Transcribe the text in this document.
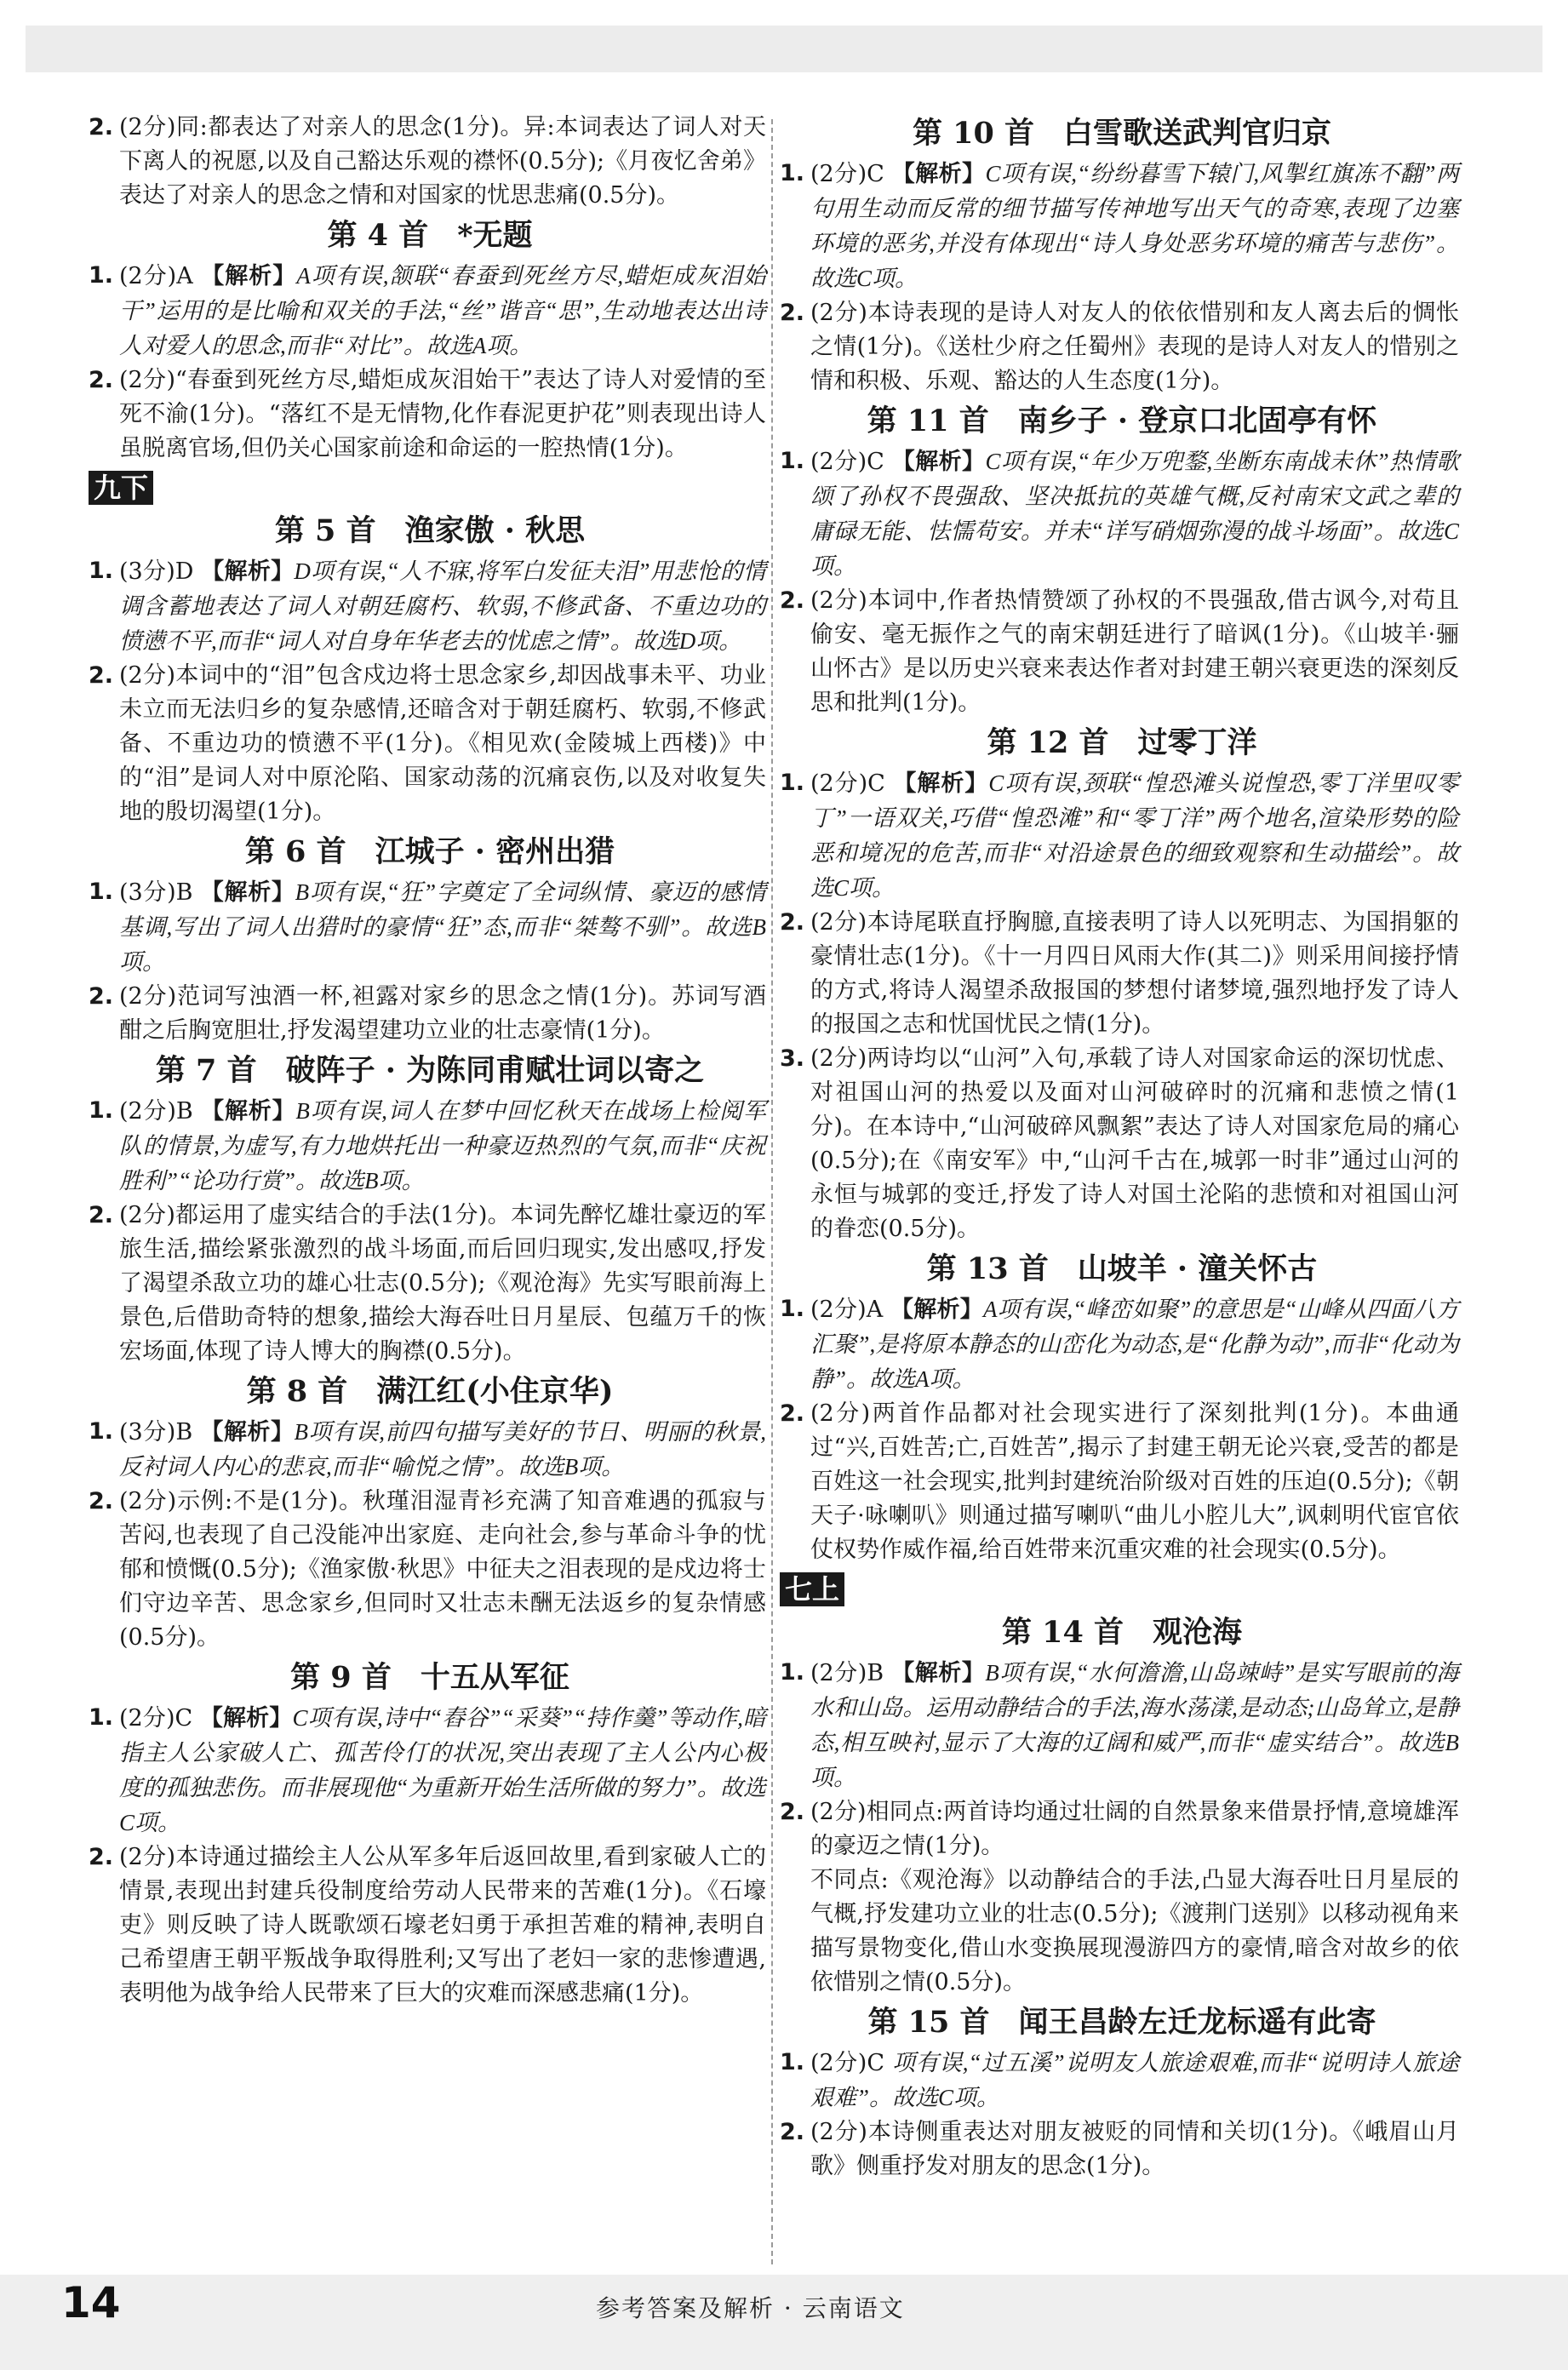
2. (2分)同:都表达了对亲人的思念(1分)。异:本词表达了词人对天下离人的祝愿,以及自己豁达乐观的襟怀(0.5分);《月夜忆舍弟》表达了对亲人的思念之情和对国家的忧思悲痛(0.5分)。

第 4 首 *无题

1. (2分)A 【解析】A项有误,颔联“春蚕到死丝方尽,蜡炬成灰泪始干”运用的是比喻和双关的手法,“丝”谐音“思”,生动地表达出诗人对爱人的思念,而非“对比”。故选A项。

2. (2分)“春蚕到死丝方尽,蜡炬成灰泪始干”表达了诗人对爱情的至死不渝(1分)。“落红不是无情物,化作春泥更护花”则表现出诗人虽脱离官场,但仍关心国家前途和命运的一腔热情(1分)。

九下
第 5 首 渔家傲 · 秋思

1. (3分)D 【解析】D项有误,“人不寐,将军白发征夫泪”用悲怆的情调含蓄地表达了词人对朝廷腐朽、软弱,不修武备、不重边功的愤懑不平,而非“词人对自身年华老去的忧虑之情”。故选D项。

2. (2分)本词中的“泪”包含戍边将士思念家乡,却因战事未平、功业未立而无法归乡的复杂感情,还暗含对于朝廷腐朽、软弱,不修武备、不重边功的愤懑不平(1分)。《相见欢(金陵城上西楼)》中的“泪”是词人对中原沦陷、国家动荡的沉痛哀伤,以及对收复失地的殷切渴望(1分)。

第 6 首 江城子 · 密州出猎

1. (3分)B 【解析】B项有误,“狂”字奠定了全词纵情、豪迈的感情基调,写出了词人出猎时的豪情“狂”态,而非“桀骜不驯”。故选B项。

2. (2分)范词写浊酒一杯,袒露对家乡的思念之情(1分)。苏词写酒酣之后胸宽胆壮,抒发渴望建功立业的壮志豪情(1分)。

第 7 首 破阵子 · 为陈同甫赋壮词以寄之

1. (2分)B 【解析】B项有误,词人在梦中回忆秋天在战场上检阅军队的情景,为虚写,有力地烘托出一种豪迈热烈的气氛,而非“庆祝胜利”“论功行赏”。故选B项。

2. (2分)都运用了虚实结合的手法(1分)。本词先醉忆雄壮豪迈的军旅生活,描绘紧张激烈的战斗场面,而后回归现实,发出感叹,抒发了渴望杀敌立功的雄心壮志(0.5分);《观沧海》先实写眼前海上景色,后借助奇特的想象,描绘大海吞吐日月星辰、包蕴万千的恢宏场面,体现了诗人博大的胸襟(0.5分)。

第 8 首 满江红(小住京华)

1. (3分)B 【解析】B项有误,前四句描写美好的节日、明丽的秋景,反衬词人内心的悲哀,而非“喻悦之情”。故选B项。

2. (2分)示例:不是(1分)。秋瑾泪湿青衫充满了知音难遇的孤寂与苦闷,也表现了自己没能冲出家庭、走向社会,参与革命斗争的忧郁和愤慨(0.5分);《渔家傲·秋思》中征夫之泪表现的是戍边将士们守边辛苦、思念家乡,但同时又壮志未酬无法返乡的复杂情感(0.5分)。

第 9 首 十五从军征

1. (2分)C 【解析】C项有误,诗中“舂谷”“采葵”“持作羹”等动作,暗指主人公家破人亡、孤苦伶仃的状况,突出表现了主人公内心极度的孤独悲伤。而非展现他“为重新开始生活所做的努力”。故选C项。

2. (2分)本诗通过描绘主人公从军多年后返回故里,看到家破人亡的情景,表现出封建兵役制度给劳动人民带来的苦难(1分)。《石壕吏》则反映了诗人既歌颂石壕老妇勇于承担苦难的精神,表明自己希望唐王朝平叛战争取得胜利;又写出了老妇一家的悲惨遭遇,表明他为战争给人民带来了巨大的灾难而深感悲痛(1分)。

第 10 首 白雪歌送武判官归京

1. (2分)C 【解析】C项有误,“纷纷暮雪下辕门,风掣红旗冻不翻”两句用生动而反常的细节描写传神地写出天气的奇寒,表现了边塞环境的恶劣,并没有体现出“诗人身处恶劣环境的痛苦与悲伤”。故选C项。

2. (2分)本诗表现的是诗人对友人的依依惜别和友人离去后的惆怅之情(1分)。《送杜少府之任蜀州》表现的是诗人对友人的惜别之情和积极、乐观、豁达的人生态度(1分)。

第 11 首 南乡子 · 登京口北固亭有怀

1. (2分)C 【解析】C项有误,“年少万兜鍪,坐断东南战未休”热情歌颂了孙权不畏强敌、坚决抵抗的英雄气概,反衬南宋文武之辈的庸碌无能、怯懦苟安。并未“详写硝烟弥漫的战斗场面”。故选C项。

2. (2分)本词中,作者热情赞颂了孙权的不畏强敌,借古讽今,对苟且偷安、毫无振作之气的南宋朝廷进行了暗讽(1分)。《山坡羊·骊山怀古》是以历史兴衰来表达作者对封建王朝兴衰更迭的深刻反思和批判(1分)。

第 12 首 过零丁洋

1. (2分)C 【解析】C项有误,颈联“惶恐滩头说惶恐,零丁洋里叹零丁”一语双关,巧借“惶恐滩”和“零丁洋”两个地名,渲染形势的险恶和境况的危苦,而非“对沿途景色的细致观察和生动描绘”。故选C项。

2. (2分)本诗尾联直抒胸臆,直接表明了诗人以死明志、为国捐躯的豪情壮志(1分)。《十一月四日风雨大作(其二)》则采用间接抒情的方式,将诗人渴望杀敌报国的梦想付诸梦境,强烈地抒发了诗人的报国之志和忧国忧民之情(1分)。

3. (2分)两诗均以“山河”入句,承载了诗人对国家命运的深切忧虑、对祖国山河的热爱以及面对山河破碎时的沉痛和悲愤之情(1分)。在本诗中,“山河破碎风飘絮”表达了诗人对国家危局的痛心(0.5分);在《南安军》中,“山河千古在,城郭一时非”通过山河的永恒与城郭的变迁,抒发了诗人对国土沦陷的悲愤和对祖国山河的眷恋(0.5分)。

第 13 首 山坡羊 · 潼关怀古

1. (2分)A 【解析】A项有误,“峰峦如聚”的意思是“山峰从四面八方汇聚”,是将原本静态的山峦化为动态,是“化静为动”,而非“化动为静”。故选A项。

2. (2分)两首作品都对社会现实进行了深刻批判(1分)。本曲通过“兴,百姓苦;亡,百姓苦”,揭示了封建王朝无论兴衰,受苦的都是百姓这一社会现实,批判封建统治阶级对百姓的压迫(0.5分);《朝天子·咏喇叭》则通过描写喇叭“曲儿小腔儿大”,讽刺明代宦官依仗权势作威作福,给百姓带来沉重灾难的社会现实(0.5分)。

七上
第 14 首 观沧海

1. (2分)B 【解析】B项有误,“水何澹澹,山岛竦峙”是实写眼前的海水和山岛。运用动静结合的手法,海水荡漾,是动态;山岛耸立,是静态,相互映衬,显示了大海的辽阔和威严,而非“虚实结合”。故选B项。

2. (2分)相同点:两首诗均通过壮阔的自然景象来借景抒情,意境雄浑的豪迈之情(1分)。
不同点:《观沧海》以动静结合的手法,凸显大海吞吐日月星辰的气概,抒发建功立业的壮志(0.5分);《渡荆门送别》以移动视角来描写景物变化,借山水变换展现漫游四方的豪情,暗含对故乡的依依惜别之情(0.5分)。

第 15 首 闻王昌龄左迁龙标遥有此寄

1. (2分)C 项有误,“过五溪”说明友人旅途艰难,而非“说明诗人旅途艰难”。故选C项。

2. (2分)本诗侧重表达对朋友被贬的同情和关切(1分)。《峨眉山月歌》侧重抒发对朋友的思念(1分)。

14	参考答案及解析 · 云南语文
